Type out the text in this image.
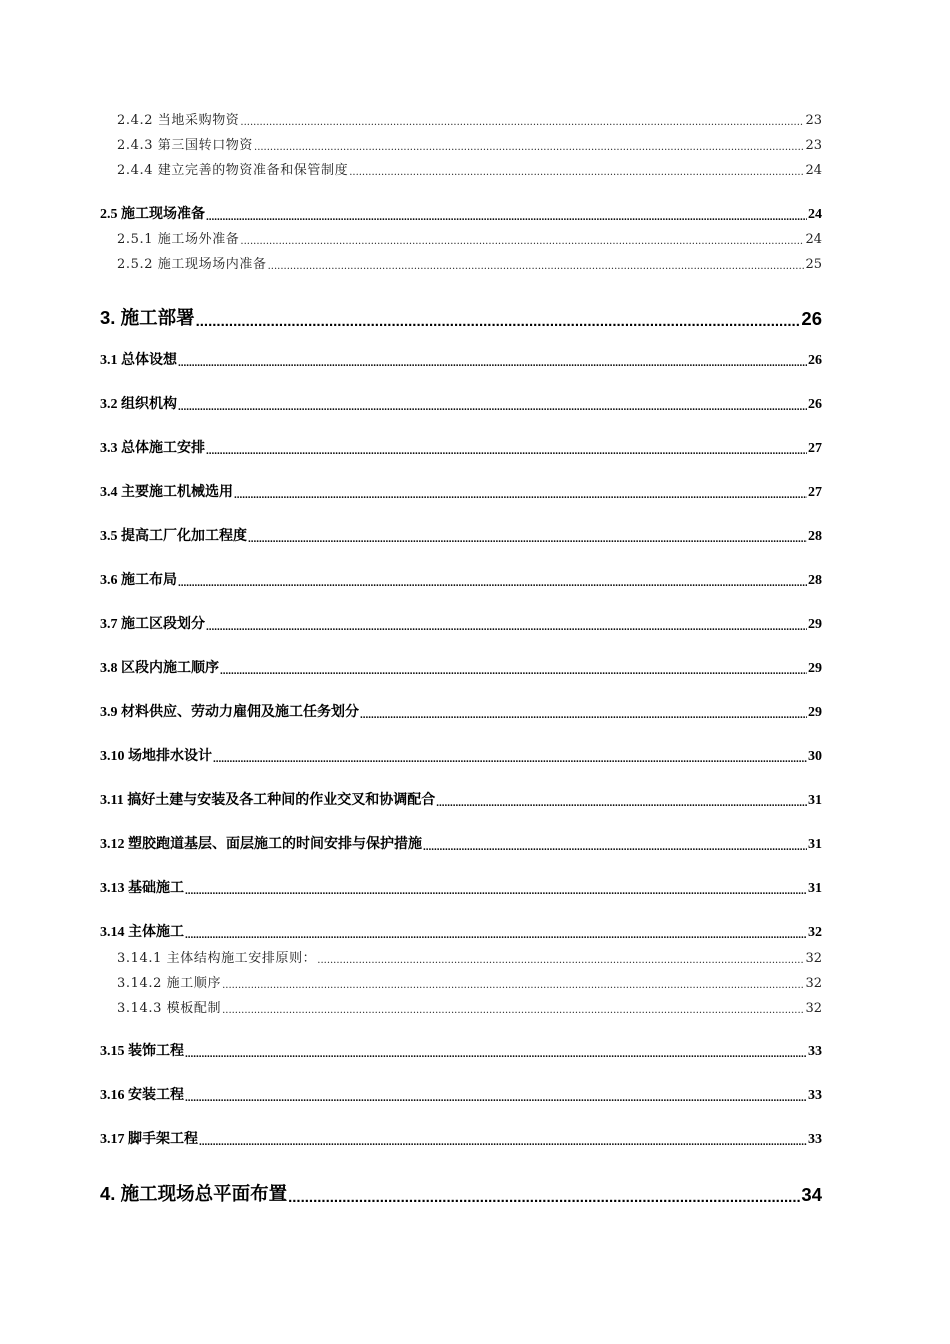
2.4.2 当地采购物资 .....	23
2.4.3 第三国转口物资 .....	23
2.4.4 建立完善的物资准备和保管制度 .....	24
2.5 施工现场准备 .....	24
2.5.1 施工场外准备 .....	24
2.5.2 施工现场场内准备 .....	25
3. 施工部署 .....	26
3.1 总体设想 .....	26
3.2 组织机构 .....	26
3.3 总体施工安排 .....	27
3.4 主要施工机械选用 .....	27
3.5 提高工厂化加工程度 .....	28
3.6 施工布局 .....	28
3.7 施工区段划分 .....	29
3.8 区段内施工顺序 .....	29
3.9 材料供应、劳动力雇佣及施工任务划分 .....	29
3.10 场地排水设计 .....	30
3.11 搞好土建与安装及各工种间的作业交叉和协调配合 .....	31
3.12 塑胶跑道基层、面层施工的时间安排与保护措施 .....	31
3.13 基础施工 .....	31
3.14 主体施工 .....	32
3.14.1 主体结构施工安排原则： .....	32
3.14.2 施工顺序 .....	32
3.14.3 模板配制 .....	32
3.15 装饰工程 .....	33
3.16 安装工程 .....	33
3.17 脚手架工程 .....	33
4. 施工现场总平面布置 .....	34
